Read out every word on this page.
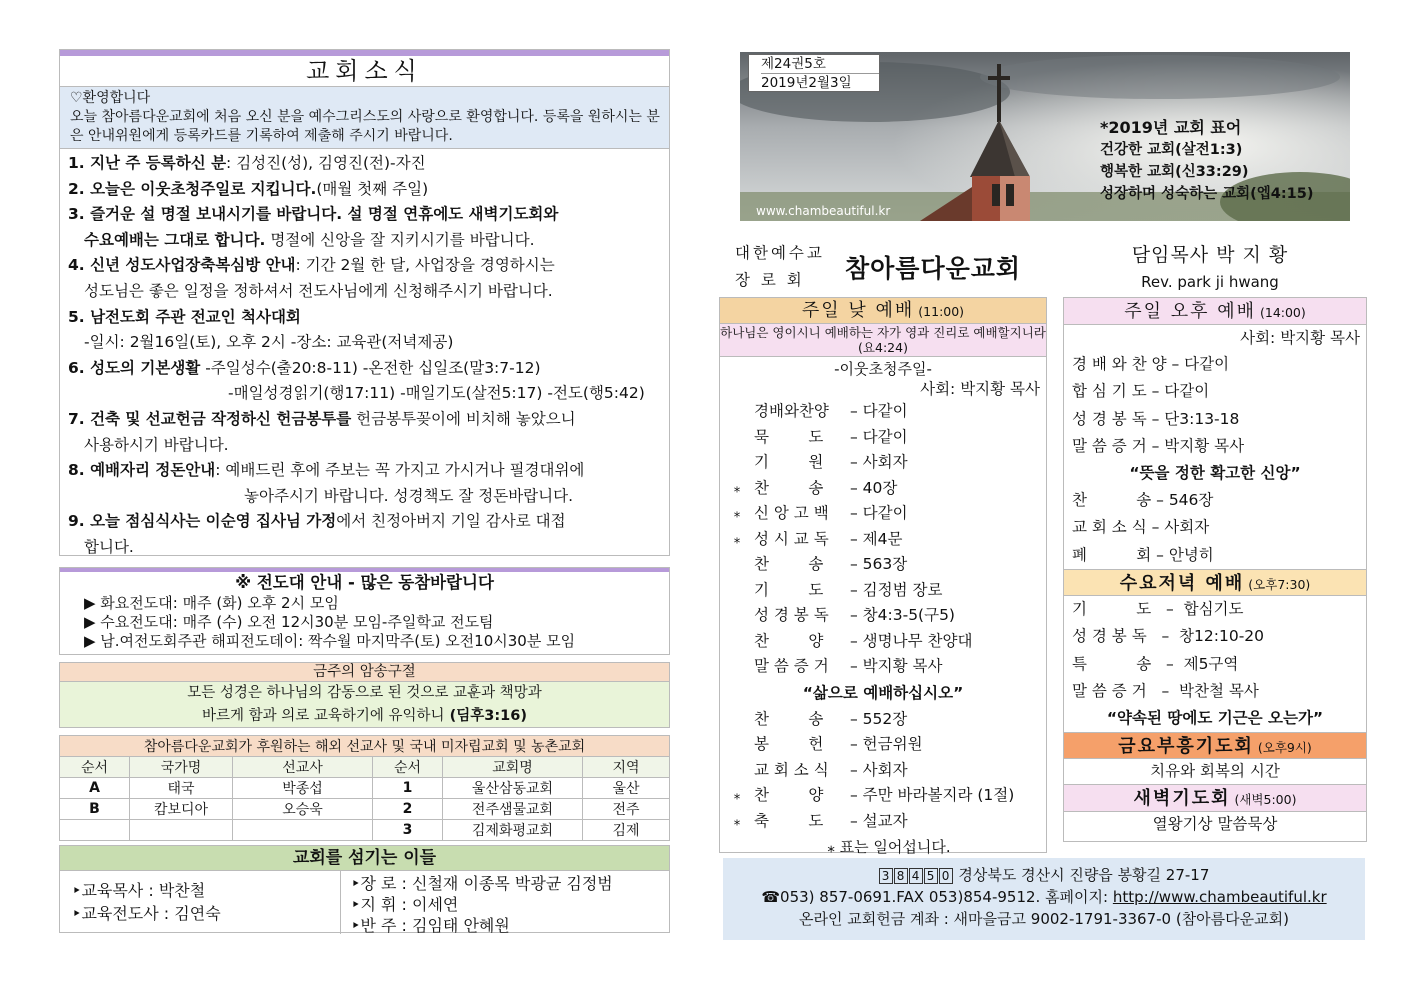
교회소식
♡환영합니다
오늘 참아름다운교회에 처음 오신 분을 예수그리스도의 사랑으로 환영합니다. 등록을 원하시는 분은 안내위원에게 등록카드를 기록하여 제출해 주시기 바랍니다.

1. 지난 주 등록하신 분: 김성진(성), 김영진(전)-자진

2. 오늘은 이웃초청주일로 지킵니다.(매월 첫째 주일)

3. 즐거운 설 명절 보내시기를 바랍니다. 설 명절 연휴에도 새벽기도회와

수요예배는 그대로 합니다. 명절에 신앙을 잘 지키시기를 바랍니다.

4. 신년 성도사업장축복심방 안내: 기간 2월 한 달, 사업장을 경영하시는

성도님은 좋은 일정을 정하셔서 전도사님에게 신청해주시기 바랍니다.

5. 남전도회 주관 전교인 척사대회

-일시: 2월16일(토), 오후 2시 -장소: 교육관(저녁제공)

6. 성도의 기본생활 -주일성수(출20:8-11) -온전한 십일조(말3:7-12)

-매일성경읽기(행17:11) -매일기도(살전5:17) -전도(행5:42)

7. 건축 및 선교헌금 작정하신 헌금봉투를 헌금봉투꽂이에 비치해 놓았으니

사용하시기 바랍니다.

8. 예배자리 정돈안내: 예배드린 후에 주보는 꼭 가지고 가시거나 필경대위에

놓아주시기 바랍니다. 성경책도 잘 정돈바랍니다.

9. 오늘 점심식사는 이순영 집사님 가정에서 친정아버지 기일 감사로 대접

합니다.

※ 전도대 안내 - 많은 동참바랍니다
▶ 화요전도대: 매주 (화) 오후 2시 모임
▶ 수요전도대: 매주 (수) 오전 12시30분 모임-주일학교 전도팀
▶ 남.여전도회주관 해피전도데이: 짝수월 마지막주(토) 오전10시30분 모임
금주의 암송구절
모든 성경은 하나님의 감동으로 된 것으로 교훈과 책망과
바르게 함과 의로 교육하기에 유익하니 (딤후3:16)
참아름다운교회가 후원하는 해외 선교사 및 국내 미자립교회 및 농촌교회					
순서	국가명	선교사	순서	교회명	지역
A	태국	박종섭	1	울산삼동교회	울산
B	캄보디아	오승욱	2	전주샘물교회	전주
			3	김제화평교회	김제
교회를 섬기는 이들
‣교육목사 : 박찬철
‣교육전도사 : 김연숙
‣장 로 : 신철재 이종목 박광균 김정범
‣지 휘 : 이세연
‣반 주 : 김임태 안혜원
제24권5호
2019년2월3일
*2019년 교회 표어
건강한 교회(살전1:3)
행복한 교회(신33:29)
성장하며 성숙하는 교회(엡4:15)
www.chambeautiful.kr
대한예수교
장 로 회	참아름다운교회	담임목사 박 지 황
Rev. park ji hwang
주일 낮 예배 (11:00)
하나님은 영이시니 예배하는 자가 영과 진리로 예배할지니라(요4:24)
-이웃초청주일-
사회: 박지황 목사
경배와찬양	– 다같이
묵        도	– 다같이
기        원	– 사회자
⁎ 찬        송	– 40장
⁎ 신 앙 고 백	– 다같이
⁎ 성 시 교 독	– 제4문
찬        송	– 563장
기        도	– 김정범 장로
성 경 봉 독	– 창4:3-5(구5)
찬        양	– 생명나무 찬양대
말 씀 증 거	– 박지황 목사
“삶으로 예배하십시오”
찬        송	– 552장
봉        헌	– 헌금위원
교 회 소 식	– 사회자
⁎ 찬        양	– 주만 바라볼지라 (1절)
⁎ 축        도	– 설교자
⁎ 표는 일어섭니다.
주일 오후 예배 (14:00)
사회: 박지황 목사
경 배 와 찬 양 – 다같이
합 심 기 도 – 다같이
성 경 봉 독 – 단3:13-18
말 씀 증 거 – 박지황 목사
“뜻을 정한 확고한 신앙”
찬          송 – 546장
교 회 소 식 – 사회자
폐          회 – 안녕히
수요저녁 예배 (오후7:30)
기          도   –  합심기도
성 경 봉 독   –  창12:10-20
특          송   –  제5구역
말 씀 증 거   –  박찬철 목사
“약속된 땅에도 기근은 오는가”
금요부흥기도회 (오후9시)
치유와 회복의 시간
새벽기도회 (새벽5:00)
열왕기상 말씀묵상
3 8 4 5 0 경상북도 경산시 진량읍 봉황길 27-17
☎053) 857-0691.FAX 053)854-9512. 홈페이지: http://www.chambeautiful.kr
온라인 교회헌금 계좌 : 새마을금고 9002-1791-3367-0 (참아름다운교회)
